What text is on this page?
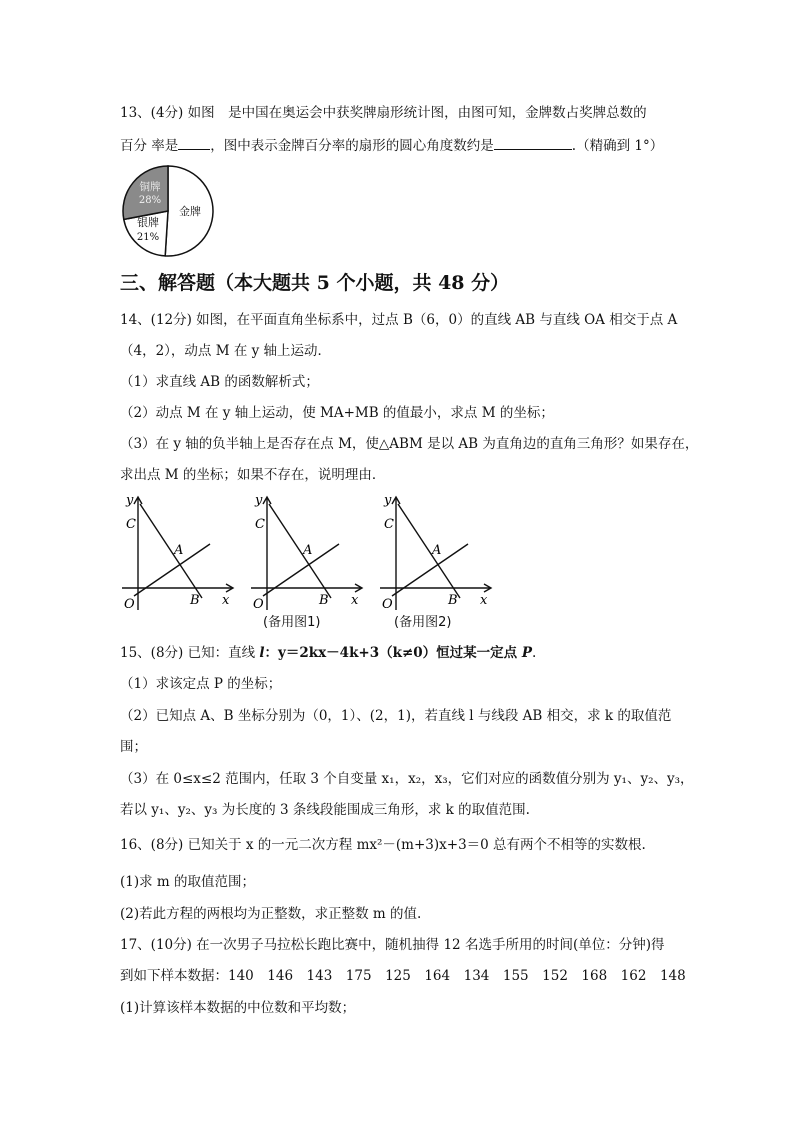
13、(4分) 如图　是中国在奥运会中获奖牌扇形统计图，由图可知，金牌数占奖牌总数的
百分 率是 ，图中表示金牌百分率的扇形的圆心角度数约是	.（精确到 1°）
金牌
银牌
21%
铜牌
28%
三、解答题（本大题共 5 个小题，共 48 分）
14、(12分) 如图，在平面直角坐标系中，过点 B（6，0）的直线 AB 与直线 OA 相交于点 A
（4，2），动点 M 在 y 轴上运动．
（1）求直线 AB 的函数解析式；
（2）动点 M 在 y 轴上运动，使 MA+MB 的值最小，求点 M 的坐标；
（3）在 y 轴的负半轴上是否存在点 M，使△ABM 是以 AB 为直角边的直角三角形？如果存在，
求出点 M 的坐标；如果不存在，说明理由．
y
C
A
B x
O
y
C
A
B x
O
(备用图1)
y
C
A
B x
O
(备用图2)
15、(8分) 已知：直线 l：y＝2kx－4k+3（k≠0）恒过某一定点 P.
（1）求该定点 P 的坐标；
（2）已知点 A、B 坐标分别为（0，1）、(2，1)，若直线 l 与线段 AB 相交，求 k 的取值范
围；
（3）在 0≤x≤2 范围内，任取 3 个自变量 x₁，x₂，x₃，它们对应的函数值分别为 y₁、y₂、y₃，
若以 y₁、y₂、y₃ 为长度的 3 条线段能围成三角形，求 k 的取值范围.
16、(8分) 已知关于 x 的一元二次方程 mx²－(m+3)x+3＝0 总有两个不相等的实数根.
(1)求 m 的取值范围；
(2)若此方程的两根均为正整数，求正整数 m 的值.
17、(10分) 在一次男子马拉松长跑比赛中，随机抽得 12 名选手所用的时间(单位：分钟)得
到如下样本数据：140　146　143　175　125　164　134　155　152　168　162　148
(1)计算该样本数据的中位数和平均数；
